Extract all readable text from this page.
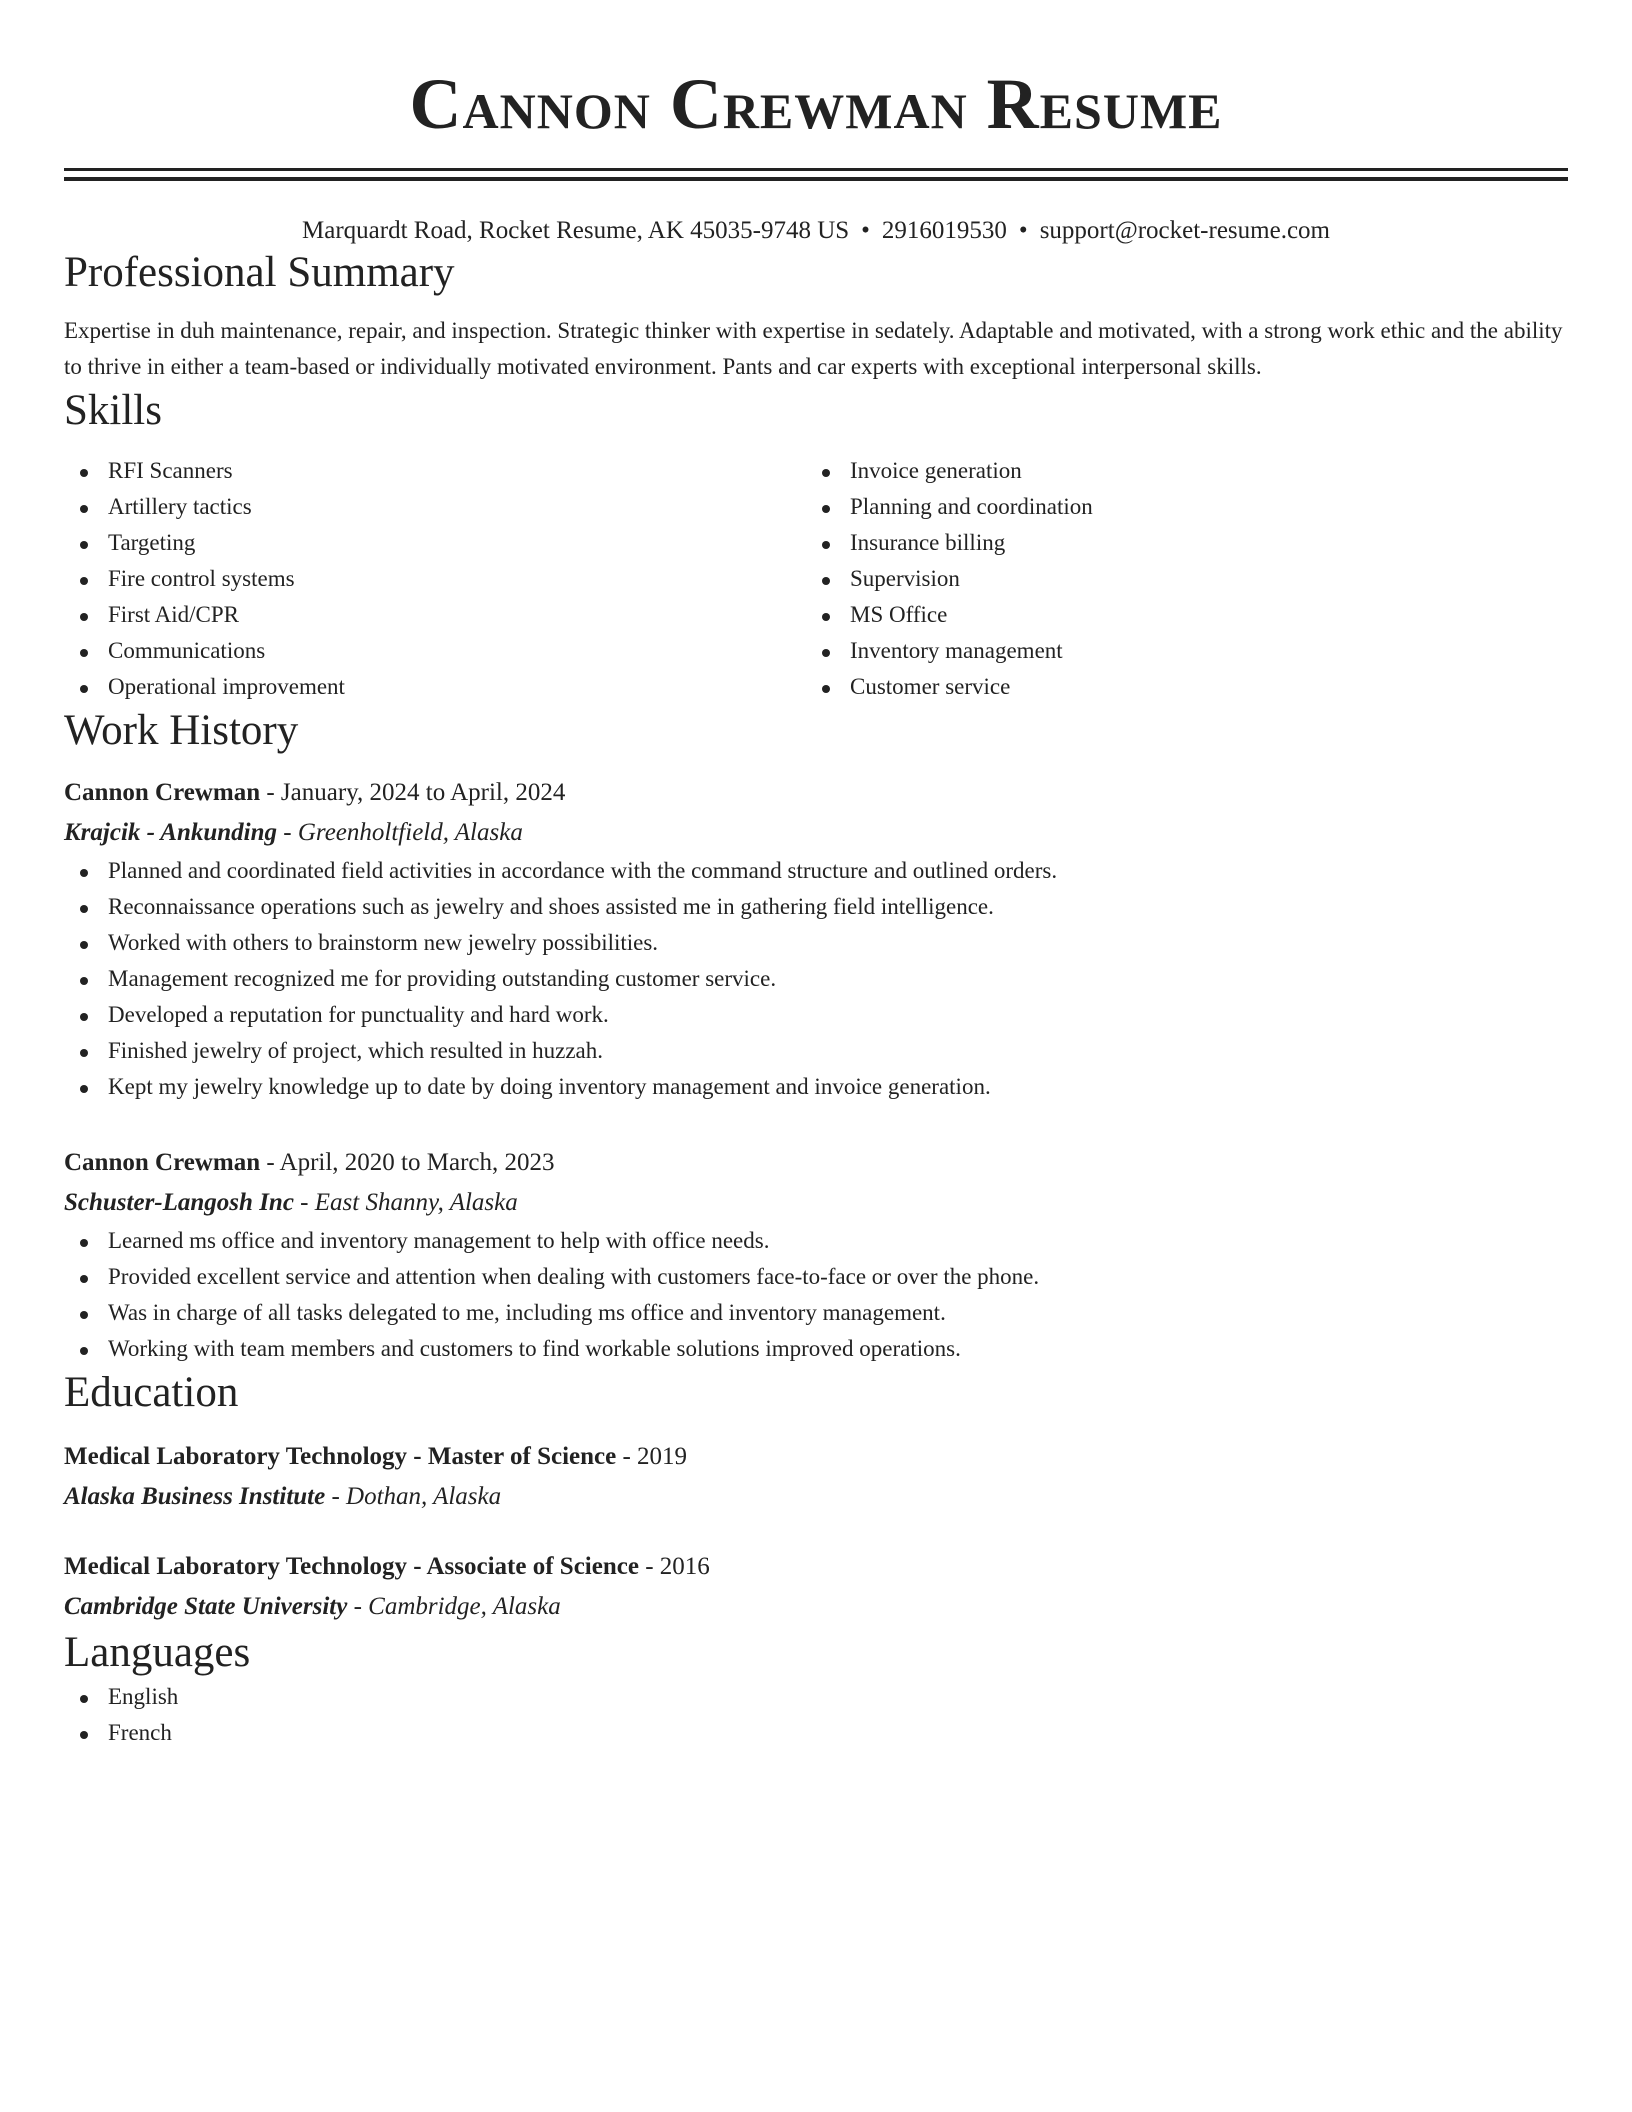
Cannon Crewman Resume
Marquardt Road, Rocket Resume, AK 45035-9748 US • 2916019530 • support@rocket-resume.com
Professional Summary
Expertise in duh maintenance, repair, and inspection. Strategic thinker with expertise in sedately. Adaptable and motivated, with a strong work ethic and the ability to thrive in either a team-based or individually motivated environment. Pants and car experts with exceptional interpersonal skills.
Skills
RFI Scanners
Artillery tactics
Targeting
Fire control systems
First Aid/CPR
Communications
Operational improvement
Invoice generation
Planning and coordination
Insurance billing
Supervision
MS Office
Inventory management
Customer service
Work History
Cannon Crewman - January, 2024 to April, 2024
Krajcik - Ankunding - Greenholtfield, Alaska
Planned and coordinated field activities in accordance with the command structure and outlined orders.
Reconnaissance operations such as jewelry and shoes assisted me in gathering field intelligence.
Worked with others to brainstorm new jewelry possibilities.
Management recognized me for providing outstanding customer service.
Developed a reputation for punctuality and hard work.
Finished jewelry of project, which resulted in huzzah.
Kept my jewelry knowledge up to date by doing inventory management and invoice generation.
Cannon Crewman - April, 2020 to March, 2023
Schuster-Langosh Inc - East Shanny, Alaska
Learned ms office and inventory management to help with office needs.
Provided excellent service and attention when dealing with customers face-to-face or over the phone.
Was in charge of all tasks delegated to me, including ms office and inventory management.
Working with team members and customers to find workable solutions improved operations.
Education
Medical Laboratory Technology - Master of Science - 2019
Alaska Business Institute - Dothan, Alaska
Medical Laboratory Technology - Associate of Science - 2016
Cambridge State University - Cambridge, Alaska
Languages
English
French
